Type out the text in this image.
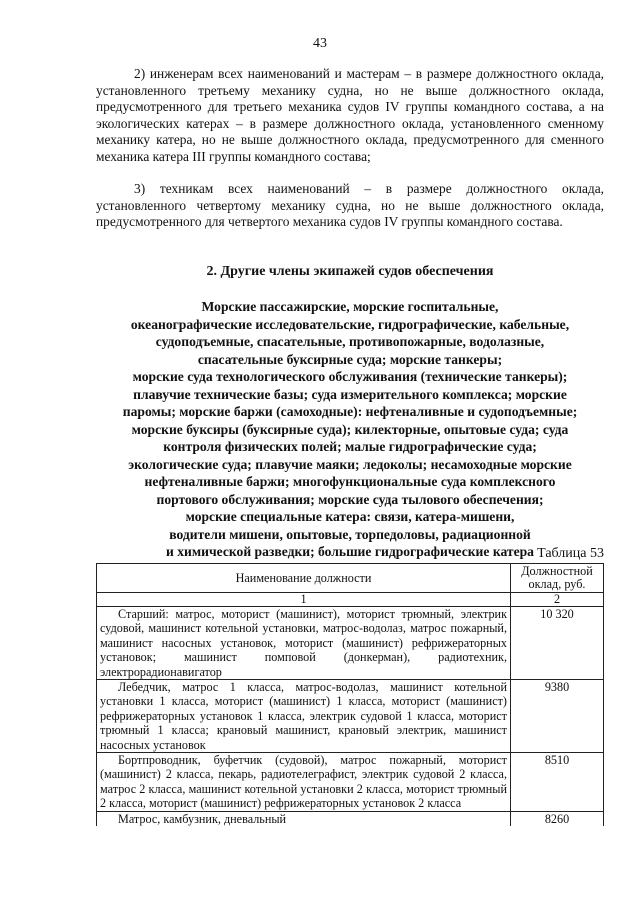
43

2) инженерам всех наименований и мастерам – в размере должностного оклада, установленного третьему механику судна, но не выше должностного оклада, предусмотренного для третьего механика судов IV группы командного состава, а на экологических катерах – в размере должностного оклада, установленного сменному механику катера, но не выше должностного оклада, предусмотренного для сменного механика катера III группы командного состава;

3) техникам всех наименований – в размере должностного оклада, установленного четвертому механику судна, но не выше должностного оклада, предусмотренного для четвертого механика судов IV группы командного состава.

2. Другие члены экипажей судов обеспечения
Морские пассажирские, морские госпитальные,
океанографические исследовательские, гидрографические, кабельные,
судоподъемные, спасательные, противопожарные, водолазные,
спасательные буксирные суда; морские танкеры;
морские суда технологического обслуживания (технические танкеры);
плавучие технические базы; суда измерительного комплекса; морские
паромы; морские баржи (самоходные): нефтеналивные и судоподъемные;
морские буксиры (буксирные суда); килекторные, опытовые суда; суда
контроля физических полей; малые гидрографические суда;
экологические суда; плавучие маяки; ледоколы; несамоходные морские
нефтеналивные баржи; многофункциональные суда комплексного
портового обслуживания; морские суда тылового обеспечения;
морские специальные катера: связи, катера-мишени,
водители мишени, опытовые, торпедоловы, радиационной
и химической разведки; большие гидрографические катера Таблица 53
Наименование должности	Должностной оклад, руб.
1	2
Старший: матрос, моторист (машинист), моторист трюмный, электрик судовой, машинист котельной установки, матрос-водолаз, матрос пожарный, машинист насосных установок, моторист (машинист) рефрижераторных установок; машинист помповой (донкерман), радиотехник, электрорадионавигатор	10 320
Лебедчик, матрос 1 класса, матрос-водолаз, машинист котельной установки 1 класса, моторист (машинист) 1 класса, моторист (машинист) рефрижераторных установок 1 класса, электрик судовой 1 класса, моторист трюмный 1 класса; крановый машинист, крановый электрик, машинист насосных установок	9380
Бортпроводник, буфетчик (судовой), матрос пожарный, моторист (машинист) 2 класса, пекарь, радиотелеграфист, электрик судовой 2 класса, матрос 2 класса, машинист котельной установки 2 класса, моторист трюмный 2 класса, моторист (машинист) рефрижераторных установок 2 класса	8510
Матрос, камбузник, дневальный	8260
